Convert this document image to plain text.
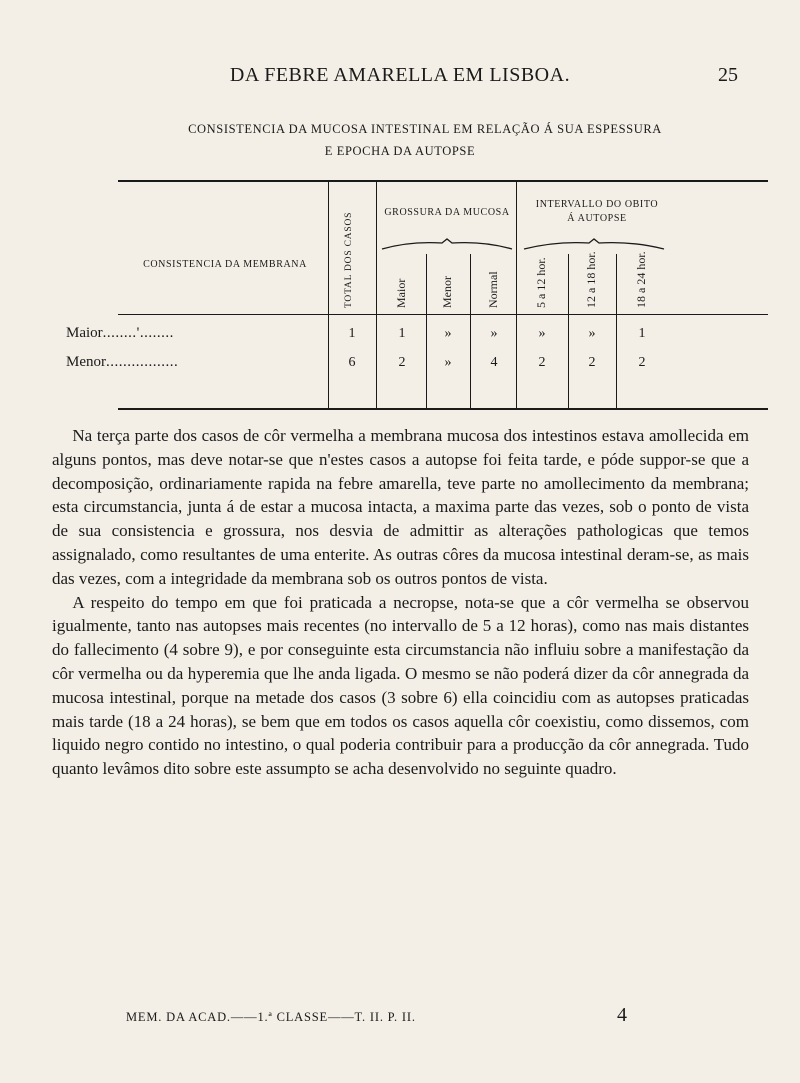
DA FEBRE AMARELLA EM LISBOA.	25
CONSISTENCIA DA MUCOSA INTESTINAL EM RELAÇÃO Á SUA ESPESSURA
E EPOCHA DA AUTOPSE
CONSISTENCIA DA MEMBRANA
GROSSURA DA MUCOSA
INTERVALLO DO OBITO
Á AUTOPSE
TOTAL DOS CASOS	Maior	Menor	Normal	5 a 12 hor.	12 a 18 hor.	18 a 24 hor.
Maior........'........	1	1	»	»	»	»	1
Menor.................	6	2	»	4	2	2	2

Na terça parte dos casos de côr vermelha a membrana mucosa dos intestinos estava amollecida em alguns pontos, mas deve notar-se que n'estes casos a autopse foi feita tarde, e póde suppor-se que a decomposição, ordinariamente rapida na febre amarella, teve parte no amollecimento da membrana; esta circumstancia, junta á de estar a mucosa intacta, a maxima parte das vezes, sob o ponto de vista de sua consistencia e grossura, nos desvia de admittir as alterações pathologicas que temos assignalado, como resultantes de uma enterite. As outras côres da mucosa intestinal deram-se, as mais das vezes, com a integridade da membrana sob os outros pontos de vista.

A respeito do tempo em que foi praticada a necropse, nota-se que a côr vermelha se observou igualmente, tanto nas autopses mais recentes (no intervallo de 5 a 12 horas), como nas mais distantes do fallecimento (4 sobre 9), e por conseguinte esta circumstancia não influiu sobre a manifestação da côr vermelha ou da hyperemia que lhe anda ligada. O mesmo se não poderá dizer da côr annegrada da mucosa intestinal, porque na metade dos casos (3 sobre 6) ella coincidiu com as autopses praticadas mais tarde (18 a 24 horas), se bem que em todos os casos aquella côr coexistiu, como dissemos, com liquido negro contido no intestino, o qual poderia contribuir para a producção da côr annegrada. Tudo quanto levâmos dito sobre este assumpto se acha desenvolvido no seguinte quadro.

MEM. DA ACAD.——1.ª CLASSE——T. II. P. II.	4
